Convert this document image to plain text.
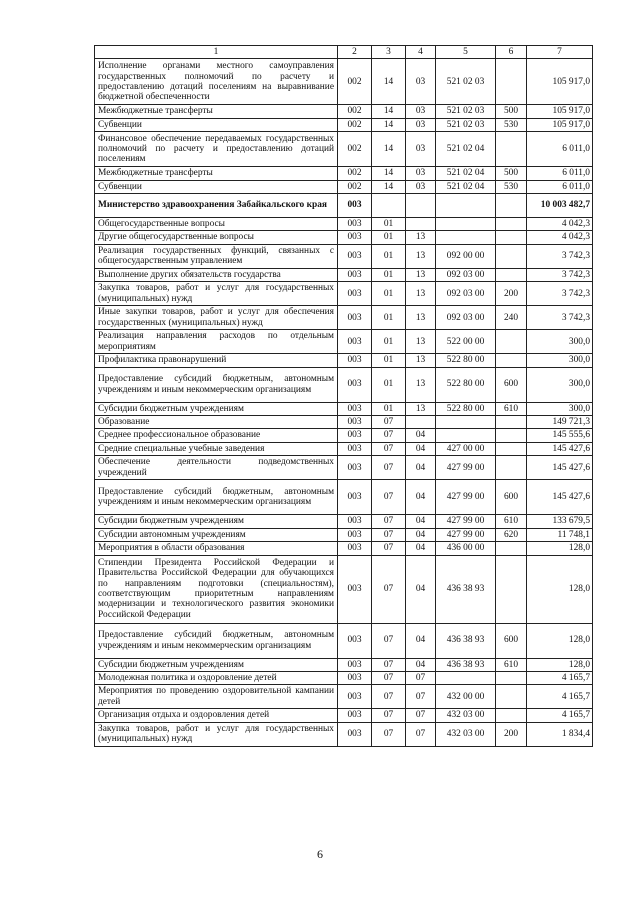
1	2	3	4	5	6	7
Исполнение органами местного самоуправления государственных полномочий по расчету и предоставлению дотаций поселениям на выравнивание бюджетной обеспеченности	002	14	03	521 02 03		105 917,0
Межбюджетные трансферты	002	14	03	521 02 03	500	105 917,0
Субвенции	002	14	03	521 02 03	530	105 917,0
Финансовое обеспечение передаваемых государственных полномочий по расчету и предоставлению дотаций поселениям	002	14	03	521 02 04		6 011,0
Межбюджетные трансферты	002	14	03	521 02 04	500	6 011,0
Субвенции	002	14	03	521 02 04	530	6 011,0
Министерство здравоохранения Забайкальского края	003					10 003 482,7
Общегосударственные вопросы	003	01				4 042,3
Другие общегосударственные вопросы	003	01	13			4 042,3
Реализация государственных функций, связанных с общегосударственным управлением	003	01	13	092 00 00		3 742,3
Выполнение других обязательств государства	003	01	13	092 03 00		3 742,3
Закупка товаров, работ и услуг для государственных (муниципальных) нужд	003	01	13	092 03 00	200	3 742,3
Иные закупки товаров, работ и услуг для обеспечения государственных (муниципальных) нужд	003	01	13	092 03 00	240	3 742,3
Реализация направления расходов по отдельным мероприятиям	003	01	13	522 00 00		300,0
Профилактика правонарушений	003	01	13	522 80 00		300,0
Предоставление субсидий бюджетным, автономным учреждениям и иным некоммерческим организациям	003	01	13	522 80 00	600	300,0
Субсидии бюджетным учреждениям	003	01	13	522 80 00	610	300,0
Образование	003	07				149 721,3
Среднее профессиональное образование	003	07	04			145 555,6
Средние специальные учебные заведения	003	07	04	427 00 00		145 427,6
Обеспечение деятельности подведомственных учреждений	003	07	04	427 99 00		145 427,6
Предоставление субсидий бюджетным, автономным учреждениям и иным некоммерческим организациям	003	07	04	427 99 00	600	145 427,6
Субсидии бюджетным учреждениям	003	07	04	427 99 00	610	133 679,5
Субсидии автономным учреждениям	003	07	04	427 99 00	620	11 748,1
Мероприятия в области образования	003	07	04	436 00 00		128,0
Стипендии Президента Российской Федерации и Правительства Российской Федерации для обучающихся по направлениям подготовки (специальностям), соответствующим приоритетным направлениям модернизации и технологического развития экономики Российской Федерации	003	07	04	436 38 93		128,0
Предоставление субсидий бюджетным, автономным учреждениям и иным некоммерческим организациям	003	07	04	436 38 93	600	128,0
Субсидии бюджетным учреждениям	003	07	04	436 38 93	610	128,0
Молодежная политика и оздоровление детей	003	07	07			4 165,7
Мероприятия по проведению оздоровительной кампании детей	003	07	07	432 00 00		4 165,7
Организация отдыха и оздоровления детей	003	07	07	432 03 00		4 165,7
Закупка товаров, работ и услуг для государственных (муниципальных) нужд	003	07	07	432 03 00	200	1 834,4
6
